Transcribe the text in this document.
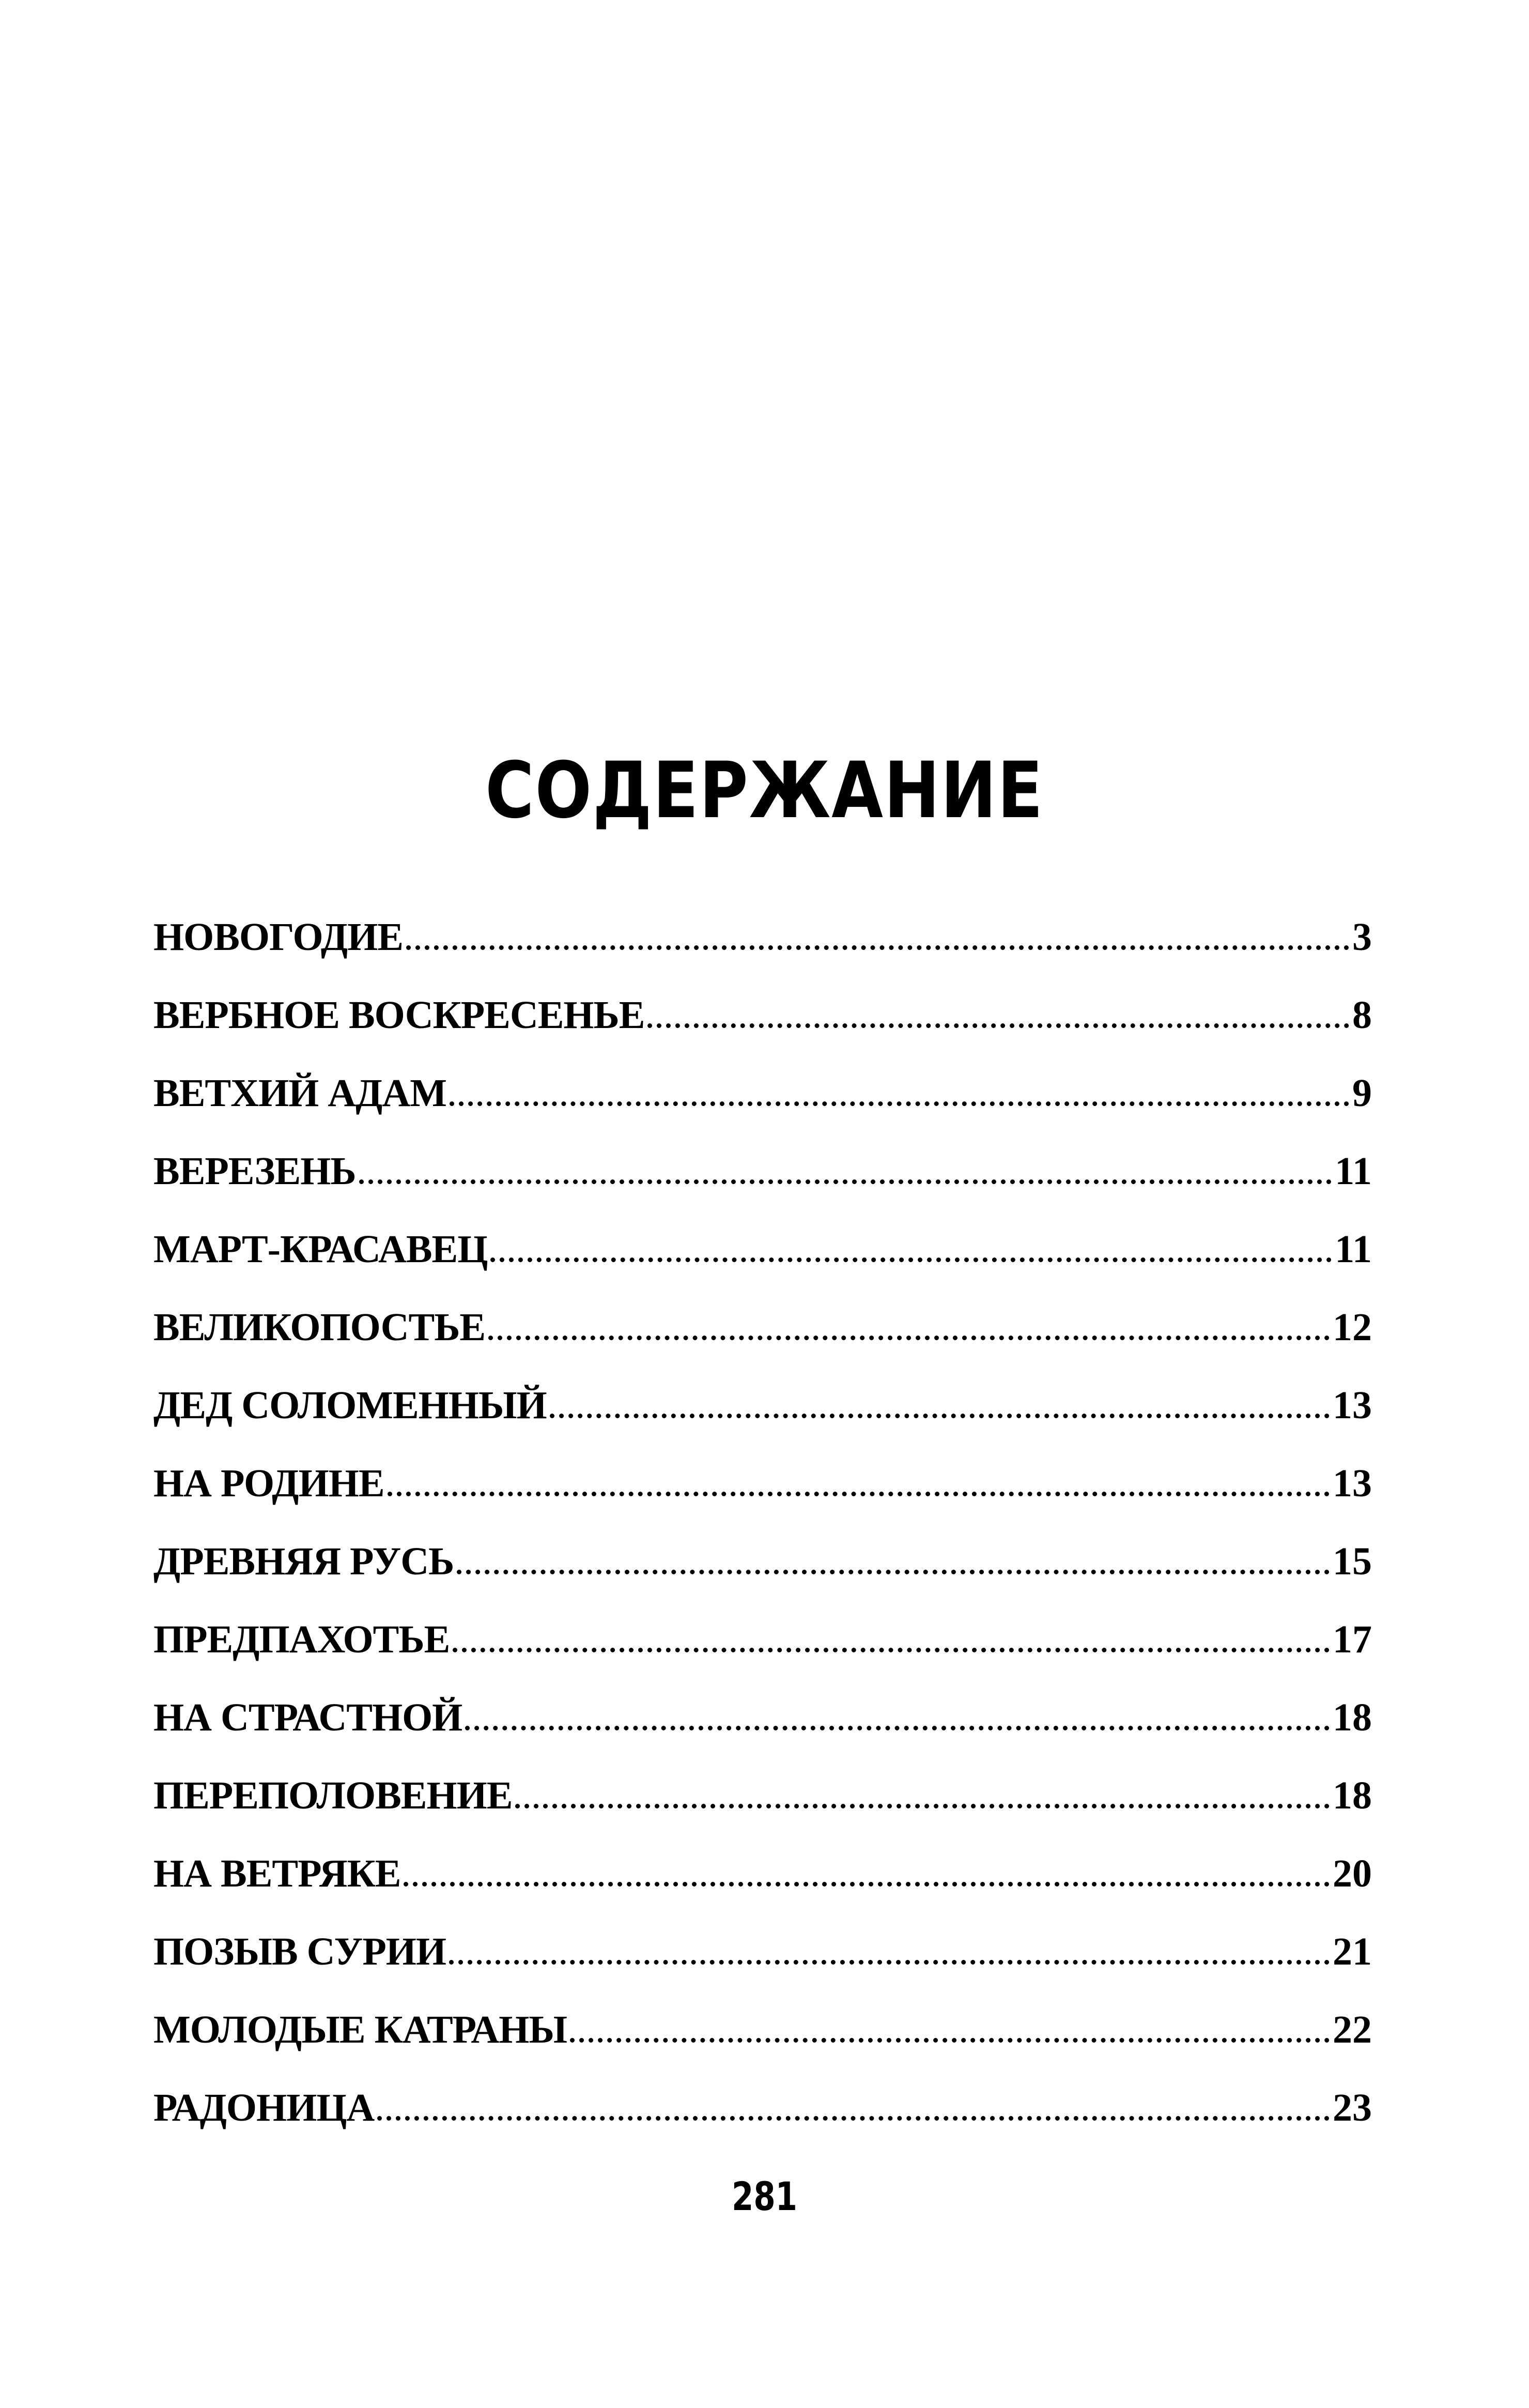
СОДЕРЖАНИЕ
НОВОГОДИЕ	3
ВЕРБНОЕ ВОСКРЕСЕНЬЕ	8
ВЕТХИЙ АДАМ	9
ВЕРЕЗЕНЬ	11
МАРТ-КРАСАВЕЦ	11
ВЕЛИКОПОСТЬЕ	12
ДЕД СОЛОМЕННЫЙ	13
НА РОДИНЕ	13
ДРЕВНЯЯ РУСЬ	15
ПРЕДПАХОТЬЕ	17
НА СТРАСТНОЙ	18
ПЕРЕПОЛОВЕНИЕ	18
НА ВЕТРЯКЕ	20
ПОЗЫВ СУРИИ	21
МОЛОДЫЕ КАТРАНЫ	22
РАДОНИЦА	23
281
